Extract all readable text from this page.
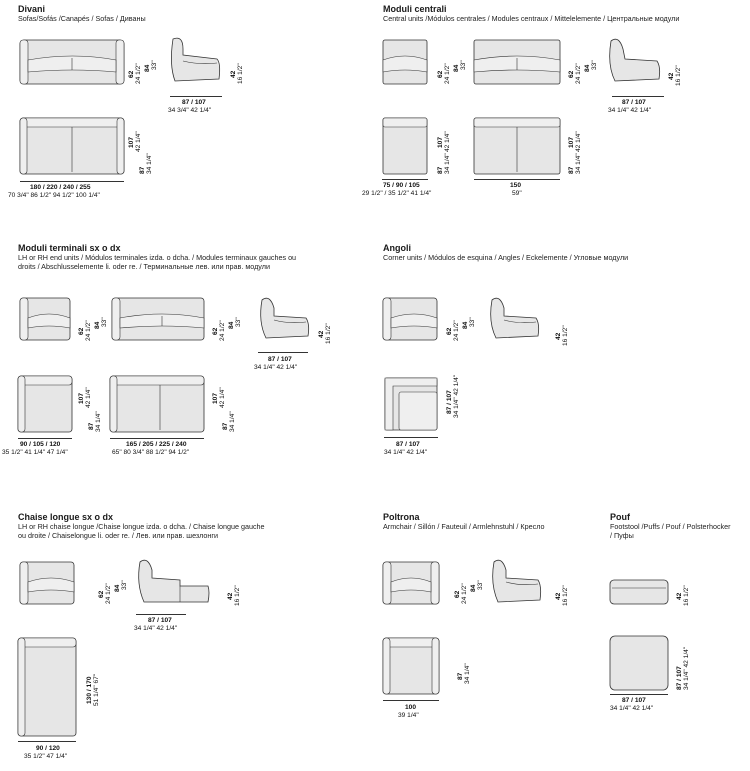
Divani
Sofas/Sofás /Canapés / Sofas / Диваны
62 24 1/2" 84 33"
42 16 1/2"
87 / 107
34 3/4" 42 1/4"
107 42 1/4"
87 34 1/4"
180 / 220 / 240 / 255
70 3/4" 86 1/2" 94 1/2" 100 1/4"
Moduli centrali
Central units /Módulos centrales / Modules centraux / Mittelelemente / Центральные модули
62 24 1/2" 84 33"
62 24 1/2" 84 33"
42 16 1/2"
87 / 107
34 1/4" 42 1/4"
107 42 1/4"
87 34 1/4"
107 42 1/4"
87 34 1/4"
75 / 90 / 105
29 1/2" / 35 1/2" 41 1/4"
150
59"
Moduli terminali sx o dx
LH or RH end units / Módulos terminales izda. o dcha. / Modules terminaux gauches ou
droits / Abschlusselemente li. oder re. / Терминальные лев. или прав. модули
62 24 1/2" 84 33"
62 24 1/2" 84 33"
42 16 1/2"
87 / 107
34 1/4" 42 1/4"
107 42 1/4"
87 34 1/4"
107 42 1/4"
87 34 1/4"
90 / 105 / 120
35 1/2" 41 1/4" 47 1/4"
165 / 205 / 225 / 240
65" 80 3/4" 88 1/2" 94 1/2"
Angoli
Corner units / Módulos de esquina / Angles / Eckelemente / Угловые модули
62 24 1/2" 84 33"
42 16 1/2"
87 / 107 34 1/4" 42 1/4"
87 / 107
34 1/4" 42 1/4"
Chaise longue sx o dx
LH or RH chaise longue /Chaise longue izda. o dcha. / Chaise longue gauche
ou droite / Chaiselongue li. oder re. / Лев. или прав. шезлонги
62 24 1/2" 84 33"
42 16 1/2"
87 / 107
34 1/4" 42 1/4"
130 / 170 51 1/4" 67"
90 / 120
35 1/2" 47 1/4"
Poltrona
Armchair / Sillón / Fauteuil / Armlehnstuhl / Кресло
62 24 1/2" 84 33"
42 16 1/2"
87 34 1/4"
100
39 1/4"
Pouf
Footstool /Puffs / Pouf / Polsterhocker
/ Пуфы
42 16 1/2"
87 / 107 34 1/4" 42 1/4"
87 / 107
34 1/4" 42 1/4"
